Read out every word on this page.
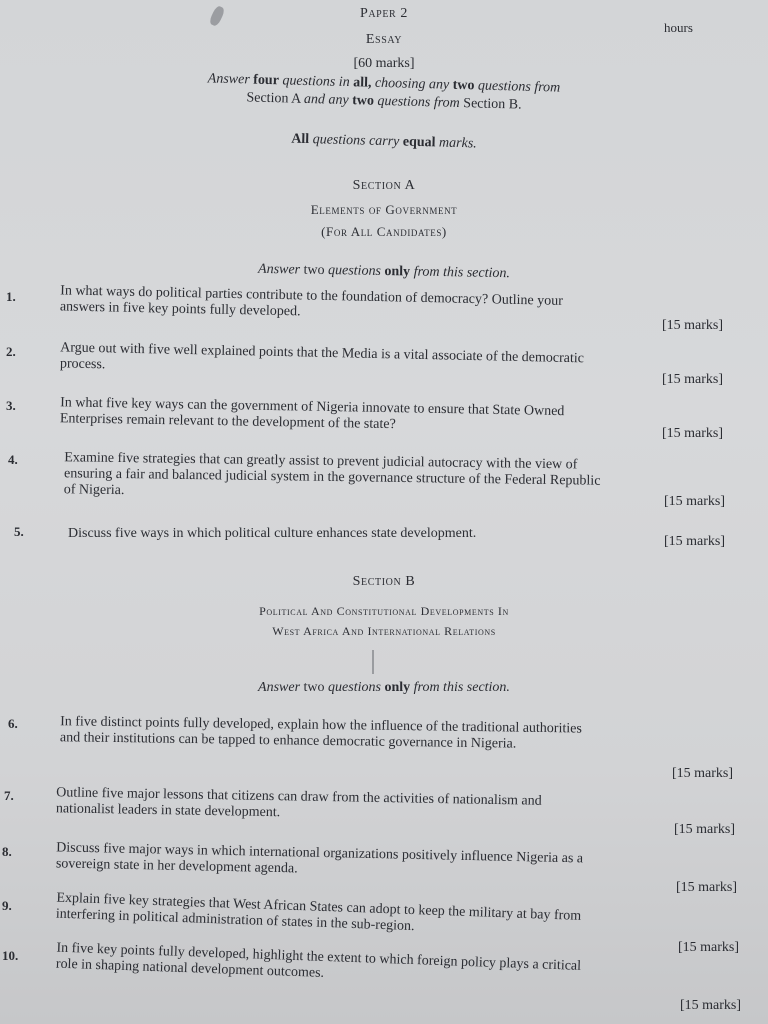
Paper 2
hours
Essay
[60 marks]
Answer four questions in all, choosing any two questions from
Section A and any two questions from Section B.
All questions carry equal marks.
Section A
Elements of Government
(For All Candidates)
Answer two questions only from this section.
1.	In what ways do political parties contribute to the foundation of democracy? Outline your answers in five key points fully developed.
[15 marks]
2.	Argue out with five well explained points that the Media is a vital associate of the democratic process.
[15 marks]
3.	In what five key ways can the government of Nigeria innovate to ensure that State Owned Enterprises remain relevant to the development of the state?
[15 marks]
4.	Examine five strategies that can greatly assist to prevent judicial autocracy with the view of ensuring a fair and balanced judicial system in the governance structure of the Federal Republic of Nigeria.
[15 marks]
5.	Discuss five ways in which political culture enhances state development.
[15 marks]
Section B
Political And Constitutional Developments In
West Africa And International Relations
Answer two questions only from this section.
6.	In five distinct points fully developed, explain how the influence of the traditional authorities and their institutions can be tapped to enhance democratic governance in Nigeria.
[15 marks]
7.	Outline five major lessons that citizens can draw from the activities of nationalism and nationalist leaders in state development.
[15 marks]
8.	Discuss five major ways in which international organizations positively influence Nigeria as a sovereign state in her development agenda.
[15 marks]
9.	Explain five key strategies that West African States can adopt to keep the military at bay from interfering in political administration of states in the sub-region.
[15 marks]
10.	In five key points fully developed, highlight the extent to which foreign policy plays a critical role in shaping national development outcomes.
[15 marks]
